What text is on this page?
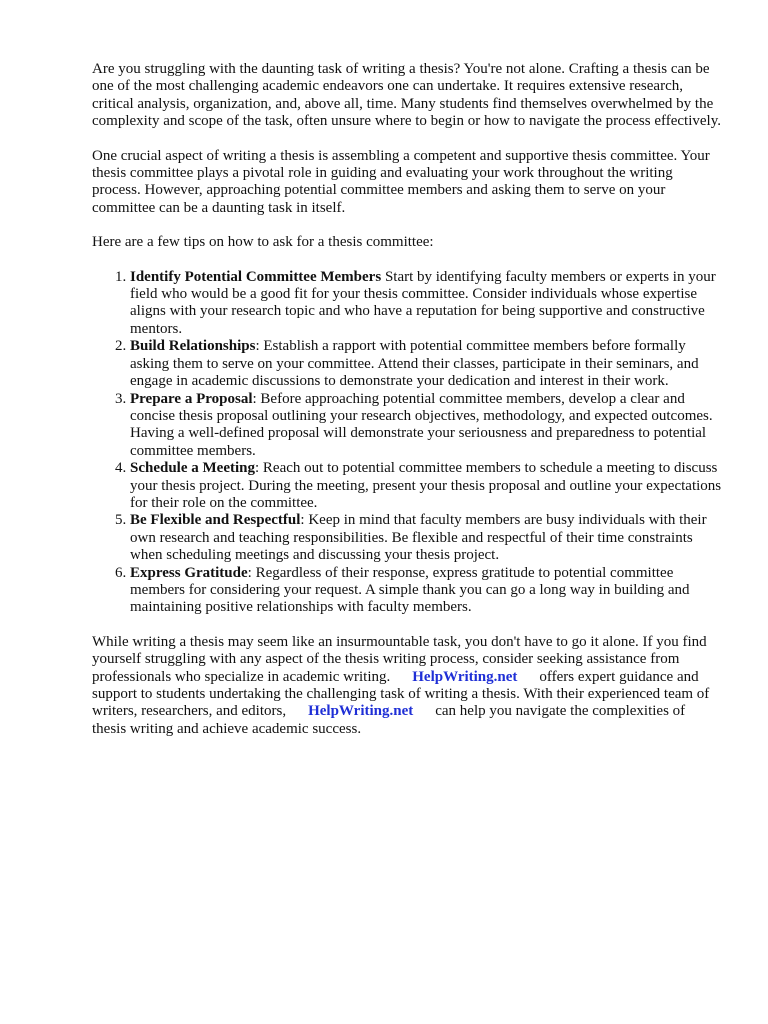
Are you struggling with the daunting task of writing a thesis? You're not alone. Crafting a thesis can be one of the most challenging academic endeavors one can undertake. It requires extensive research, critical analysis, organization, and, above all, time. Many students find themselves overwhelmed by the complexity and scope of the task, often unsure where to begin or how to navigate the process effectively.

One crucial aspect of writing a thesis is assembling a competent and supportive thesis committee. Your thesis committee plays a pivotal role in guiding and evaluating your work throughout the writing process. However, approaching potential committee members and asking them to serve on your committee can be a daunting task in itself.

Here are a few tips on how to ask for a thesis committee:

1. Identify Potential Committee Members Start by identifying faculty members or experts in your field who would be a good fit for your thesis committee. Consider individuals whose expertise aligns with your research topic and who have a reputation for being supportive and constructive mentors.
2. Build Relationships: Establish a rapport with potential committee members before formally asking them to serve on your committee. Attend their classes, participate in their seminars, and engage in academic discussions to demonstrate your dedication and interest in their work.
3. Prepare a Proposal: Before approaching potential committee members, develop a clear and concise thesis proposal outlining your research objectives, methodology, and expected outcomes. Having a well-defined proposal will demonstrate your seriousness and preparedness to potential committee members.
4. Schedule a Meeting: Reach out to potential committee members to schedule a meeting to discuss your thesis project. During the meeting, present your thesis proposal and outline your expectations for their role on the committee.
5. Be Flexible and Respectful: Keep in mind that faculty members are busy individuals with their own research and teaching responsibilities. Be flexible and respectful of their time constraints when scheduling meetings and discussing your thesis project.
6. Express Gratitude: Regardless of their response, express gratitude to potential committee members for considering your request. A simple thank you can go a long way in building and maintaining positive relationships with faculty members.

While writing a thesis may seem like an insurmountable task, you don't have to go it alone. If you find yourself struggling with any aspect of the thesis writing process, consider seeking assistance from professionals who specialize in academic writing. HelpWriting.net offers expert guidance and support to students undertaking the challenging task of writing a thesis. With their experienced team of writers, researchers, and editors, HelpWriting.net can help you navigate the complexities of thesis writing and achieve academic success.
